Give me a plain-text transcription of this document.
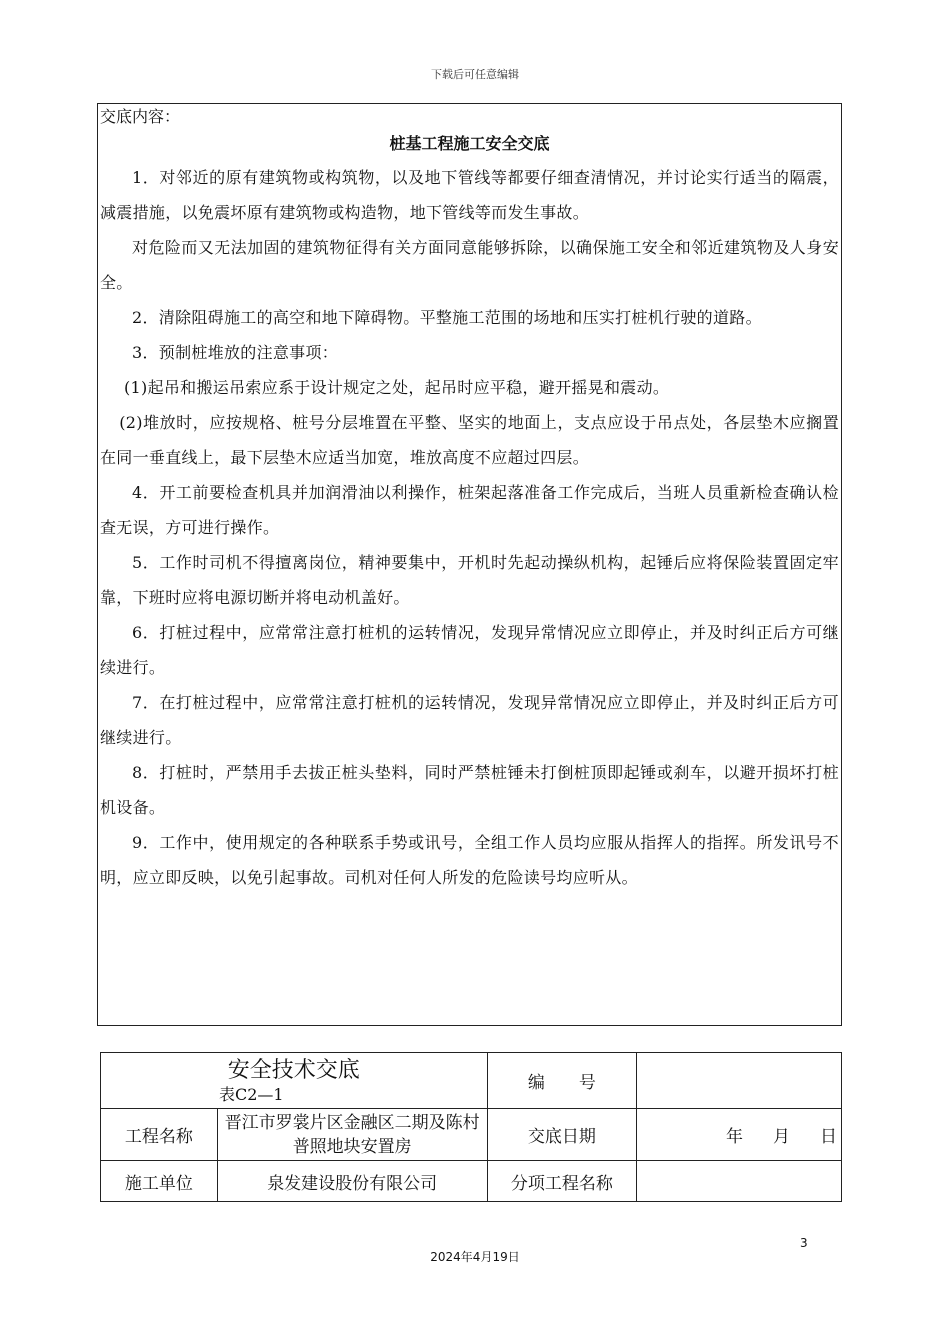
下载后可任意编辑

交底内容：

桩基工程施工安全交底

1．对邻近的原有建筑物或构筑物，以及地下管线等都要仔细查清情况，并讨论实行适当的隔震，减震措施，以免震坏原有建筑物或构造物，地下管线等而发生事故。

对危险而又无法加固的建筑物征得有关方面同意能够拆除，以确保施工安全和邻近建筑物及人身安全。

2．清除阻碍施工的高空和地下障碍物。平整施工范围的场地和压实打桩机行驶的道路。

3．预制桩堆放的注意事项：

(1)起吊和搬运吊索应系于设计规定之处，起吊时应平稳，避开摇晃和震动。

(2)堆放时，应按规格、桩号分层堆置在平整、坚实的地面上，支点应设于吊点处，各层垫木应搁置在同一垂直线上，最下层垫木应适当加宽，堆放高度不应超过四层。

4．开工前要检查机具并加润滑油以利操作，桩架起落准备工作完成后，当班人员重新检查确认检查无误，方可进行操作。

5．工作时司机不得擅离岗位，精神要集中，开机时先起动操纵机构，起锤后应将保险装置固定牢靠，下班时应将电源切断并将电动机盖好。

6．打桩过程中，应常常注意打桩机的运转情况，发现异常情况应立即停止，并及时纠正后方可继续进行。

7．在打桩过程中，应常常注意打桩机的运转情况，发现异常情况应立即停止，并及时纠正后方可继续进行。

8．打桩时，严禁用手去拔正桩头垫料，同时严禁桩锤未打倒桩顶即起锤或刹车，以避开损坏打桩机设备。

9．工作中，使用规定的各种联系手势或讯号，全组工作人员均应服从指挥人的指挥。所发讯号不明，应立即反映，以免引起事故。司机对任何人所发的危险读号均应听从。

安全技术交底
表C2—1		编　　号	
工程名称	晋江市罗裳片区金融区二期及陈村普照地块安置房	交底日期	年 月 日
施工单位	泉发建设股份有限公司	分项工程名称	
3
2024年4月19日
